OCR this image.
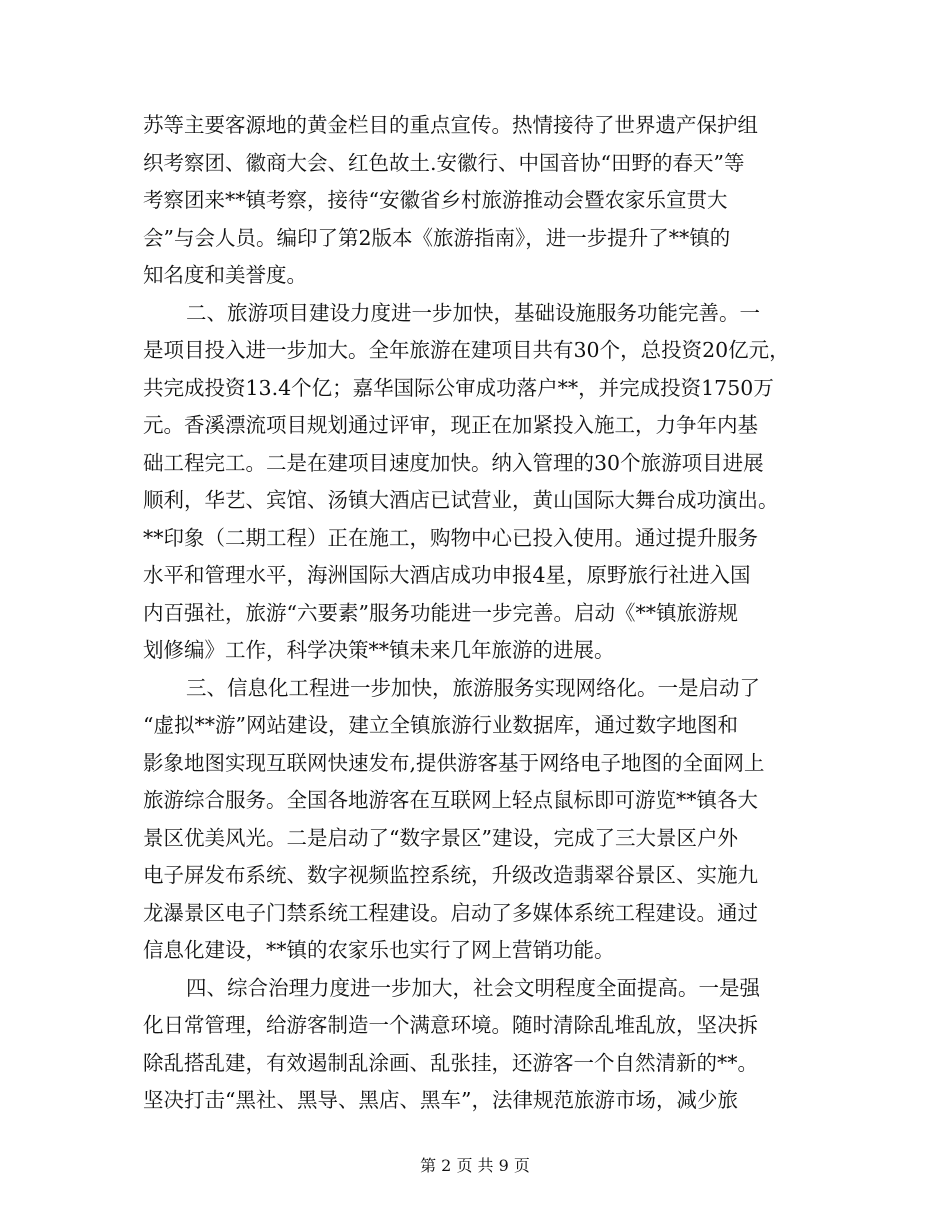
苏等主要客源地的黄金栏目的重点宣传。热情接待了世界遗产保护组
织考察团、徽商大会、红色故土.安徽行、中国音协“田野的春天”等
考察团来**镇考察，接待“安徽省乡村旅游推动会暨农家乐宣贯大
会”与会人员。编印了第2版本《旅游指南》，进一步提升了**镇的
知名度和美誉度。
二、旅游项目建设力度进一步加快，基础设施服务功能完善。一
是项目投入进一步加大。全年旅游在建项目共有30个，总投资20亿元，
共完成投资13.4个亿；嘉华国际公审成功落户**，并完成投资1750万
元。香溪漂流项目规划通过评审，现正在加紧投入施工，力争年内基
础工程完工。二是在建项目速度加快。纳入管理的30个旅游项目进展
顺利，华艺、宾馆、汤镇大酒店已试营业，黄山国际大舞台成功演出。
**印象（二期工程）正在施工，购物中心已投入使用。通过提升服务
水平和管理水平，海洲国际大酒店成功申报4星，原野旅行社进入国
内百强社，旅游“六要素”服务功能进一步完善。启动《**镇旅游规
划修编》工作，科学决策**镇未来几年旅游的进展。
三、信息化工程进一步加快，旅游服务实现网络化。一是启动了
“虚拟**游”网站建设，建立全镇旅游行业数据库，通过数字地图和
影象地图实现互联网快速发布,提供游客基于网络电子地图的全面网上
旅游综合服务。全国各地游客在互联网上轻点鼠标即可游览**镇各大
景区优美风光。二是启动了“数字景区”建设，完成了三大景区户外
电子屏发布系统、数字视频监控系统，升级改造翡翠谷景区、实施九
龙瀑景区电子门禁系统工程建设。启动了多媒体系统工程建设。通过
信息化建设，**镇的农家乐也实行了网上营销功能。
四、综合治理力度进一步加大，社会文明程度全面提高。一是强
化日常管理，给游客制造一个满意环境。随时清除乱堆乱放，坚决拆
除乱搭乱建，有效遏制乱涂画、乱张挂，还游客一个自然清新的**。
坚决打击“黑社、黑导、黑店、黑车”，法律规范旅游市场，减少旅
第 2 页 共 9 页
